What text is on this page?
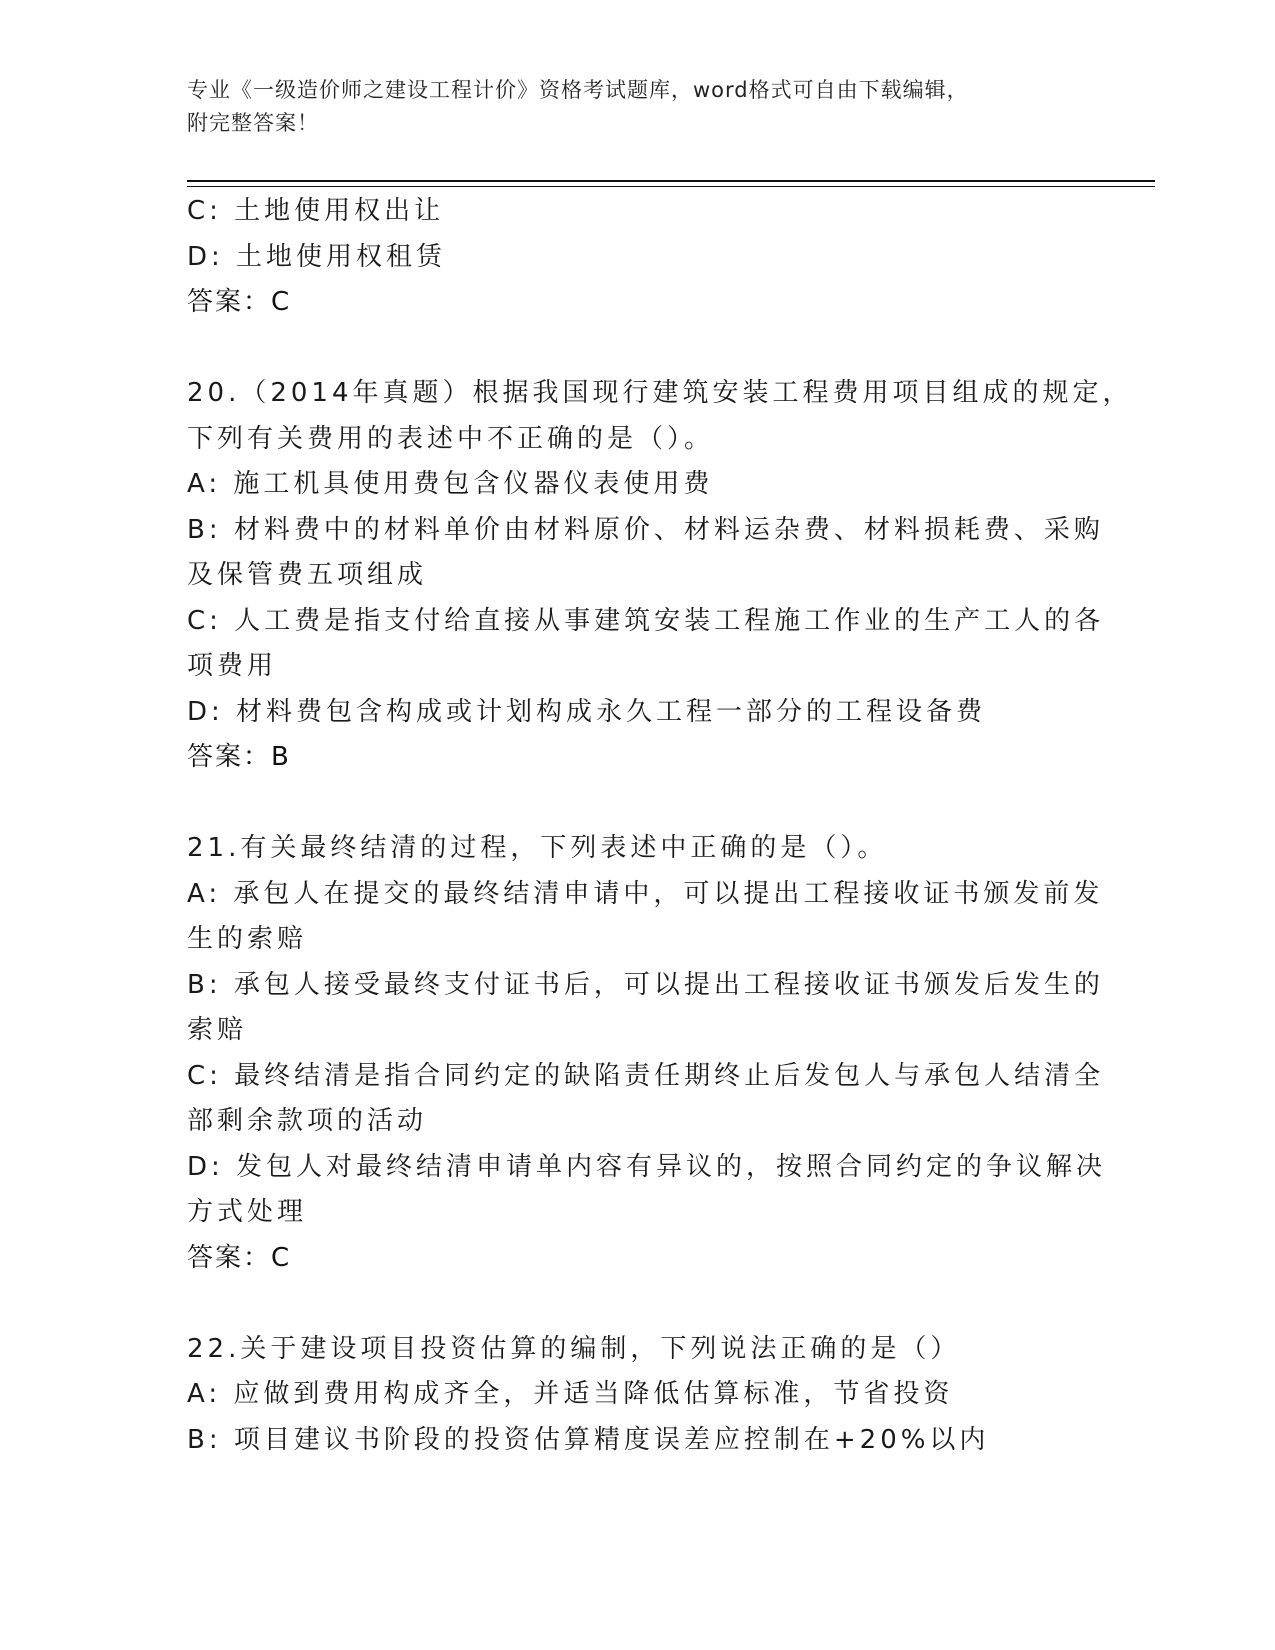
专业《一级造价师之建设工程计价》资格考试题库，word格式可自由下载编辑，
附完整答案！
C: 土地使用权出让
D: 土地使用权租赁
答案：C
20.（2014年真题）根据我国现行建筑安装工程费用项目组成的规定，
下列有关费用的表述中不正确的是（）。
A: 施工机具使用费包含仪器仪表使用费
B: 材料费中的材料单价由材料原价、材料运杂费、材料损耗费、采购
及保管费五项组成
C: 人工费是指支付给直接从事建筑安装工程施工作业的生产工人的各
项费用
D: 材料费包含构成或计划构成永久工程一部分的工程设备费
答案：B
21.有关最终结清的过程，下列表述中正确的是（）。
A: 承包人在提交的最终结清申请中，可以提出工程接收证书颁发前发
生的索赔
B: 承包人接受最终支付证书后，可以提出工程接收证书颁发后发生的
索赔
C: 最终结清是指合同约定的缺陷责任期终止后发包人与承包人结清全
部剩余款项的活动
D: 发包人对最终结清申请单内容有异议的，按照合同约定的争议解决
方式处理
答案：C
22.关于建设项目投资估算的编制，下列说法正确的是（）
A: 应做到费用构成齐全，并适当降低估算标准，节省投资
B: 项目建议书阶段的投资估算精度误差应控制在+20%以内
